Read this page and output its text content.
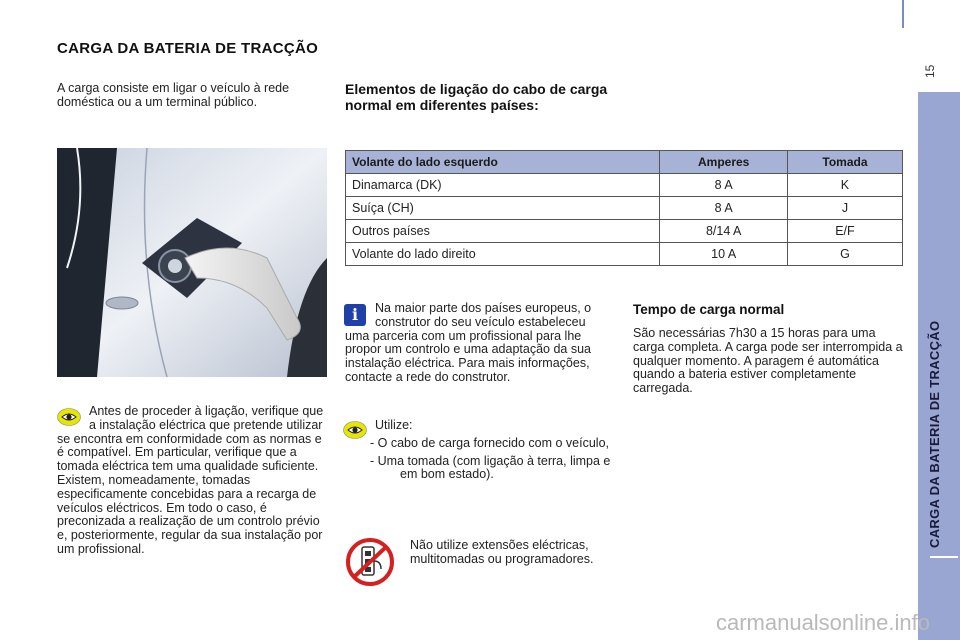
CARGA DA BATERIA DE TRACÇÃO
A carga consiste em ligar o veículo à rede doméstica ou a um terminal público.
Elementos de ligação do cabo de carga normal em diferentes países:
Volante do lado esquerdo	Amperes	Tomada
Dinamarca (DK)	8 A	K
Suíça (CH)	8 A	J
Outros países	8/14 A	E/F
Volante do lado direito	10 A	G
Na maior parte dos países europeus, o construtor do seu veículo estabeleceu uma parceria com um profissional para lhe propor um controlo e uma adaptação da sua instalação eléctrica. Para mais informações, contacte a rede do construtor.
i	Tempo de carga normal
São necessárias 7h30 a 15 horas para uma carga completa. A carga pode ser interrompida a qualquer momento. A paragem é automática quando a bateria estiver completamente carregada.
Utilize:
- O cabo de carga fornecido com o veículo,
- Uma tomada (com ligação à terra, limpa e em bom estado).
Antes de proceder à ligação, verifique que a instalação eléctrica que pretende utilizar se encontra em conformidade com as normas e é compatível. Em particular, verifique que a tomada eléctrica tem uma qualidade suficiente. Existem, nomeadamente, tomadas especificamente concebidas para a recarga de veículos eléctricos. Em todo o caso, é preconizada a realização de um controlo prévio e, posteriormente, regular da sua instalação por um profissional.	Não utilize extensões eléctricas, multitomadas ou programadores.
CARGA DA BATERIA DE TRACÇÃO
15
carmanualsonline.info
